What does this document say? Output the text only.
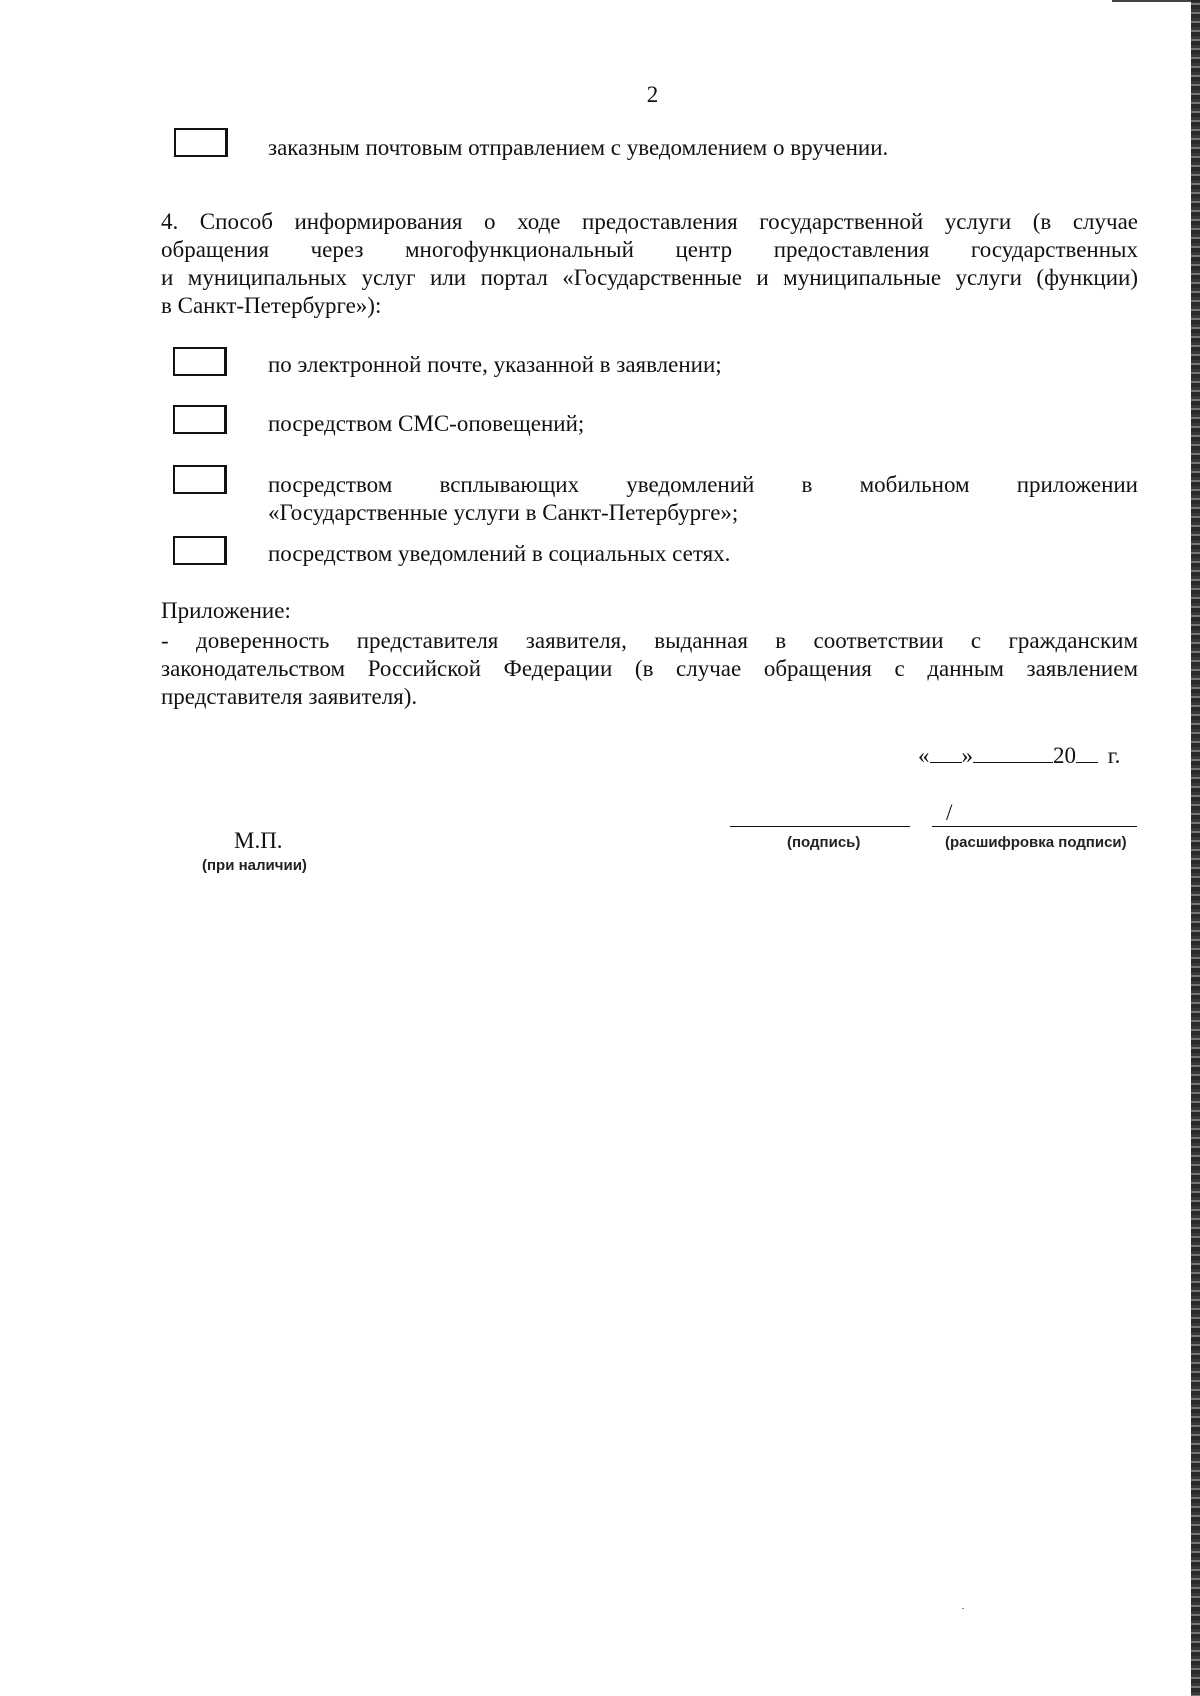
2
заказным почтовым отправлением с уведомлением о вручении.
4. Способ информирования о ходе предоставления государственной услуги (в случае
обращения через многофункциональный центр предоставления государственных
и муниципальных услуг или портал «Государственные и муниципальные услуги (функции)
в Санкт-Петербурге»):
по электронной почте, указанной в заявлении;
посредством СМС-оповещений;
посредством всплывающих уведомлений в мобильном приложении
«Государственные услуги в Санкт-Петербурге»;
посредством уведомлений в социальных сетях.
Приложение:
- доверенность представителя заявителя, выданная в соответствии с гражданским
законодательством Российской Федерации (в случае обращения с данным заявлением
представителя заявителя).
« »	20 г.
/
(подпись)	(расшифровка подписи)
М.П.
(при наличии)
